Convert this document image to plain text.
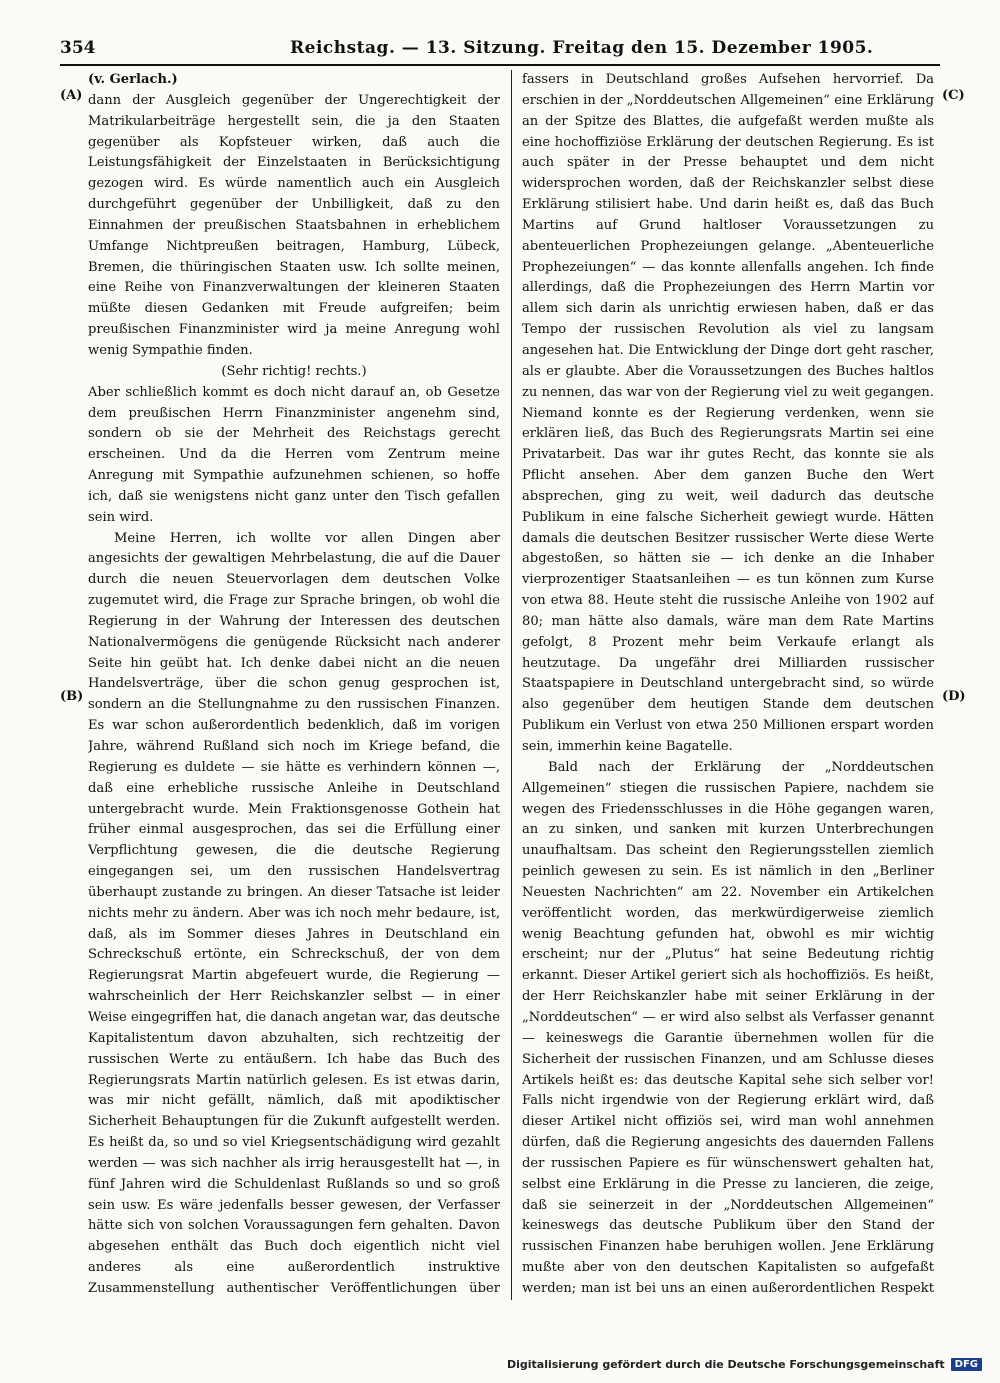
354	Reichstag. — 13. Sitzung. Freitag den 15. Dezember 1905.
(A)
(B)
(C)
(D)

(v. Gerlach.)

dann der Ausgleich gegenüber der Ungerechtigkeit der Matrikularbeiträge hergestellt sein, die ja den Staaten gegenüber als Kopfsteuer wirken, daß auch die Leistungsfähigkeit der Einzelstaaten in Berücksichtigung gezogen wird. Es würde namentlich auch ein Ausgleich durchgeführt gegenüber der Unbilligkeit, daß zu den Einnahmen der preußischen Staatsbahnen in erheblichem Umfange Nichtpreußen beitragen, Hamburg, Lübeck, Bremen, die thüringischen Staaten usw. Ich sollte meinen, eine Reihe von Finanzverwaltungen der kleineren Staaten müßte diesen Gedanken mit Freude aufgreifen; beim preußischen Finanzminister wird ja meine Anregung wohl wenig Sympathie finden.

(Sehr richtig! rechts.)

Aber schließlich kommt es doch nicht darauf an, ob Gesetze dem preußischen Herrn Finanzminister angenehm sind, sondern ob sie der Mehrheit des Reichstags gerecht erscheinen. Und da die Herren vom Zentrum meine Anregung mit Sympathie aufzunehmen schienen, so hoffe ich, daß sie wenigstens nicht ganz unter den Tisch gefallen sein wird.

Meine Herren, ich wollte vor allen Dingen aber angesichts der gewaltigen Mehrbelastung, die auf die Dauer durch die neuen Steuervorlagen dem deutschen Volke zugemutet wird, die Frage zur Sprache bringen, ob wohl die Regierung in der Wahrung der Interessen des deutschen Nationalvermögens die genügende Rücksicht nach anderer Seite hin geübt hat. Ich denke dabei nicht an die neuen Handelsverträge, über die schon genug gesprochen ist, sondern an die Stellungnahme zu den russischen Finanzen. Es war schon außerordentlich bedenklich, daß im vorigen Jahre, während Rußland sich noch im Kriege befand, die Regierung es duldete — sie hätte es verhindern können —, daß eine erhebliche russische Anleihe in Deutschland untergebracht wurde. Mein Fraktionsgenosse Gothein hat früher einmal ausgesprochen, das sei die Erfüllung einer Verpflichtung gewesen, die die deutsche Regierung eingegangen sei, um den russischen Handelsvertrag überhaupt zustande zu bringen. An dieser Tatsache ist leider nichts mehr zu ändern. Aber was ich noch mehr bedaure, ist, daß, als im Sommer dieses Jahres in Deutschland ein Schreckschuß ertönte, ein Schreckschuß, der von dem Regierungsrat Martin abgefeuert wurde, die Regierung — wahrscheinlich der Herr Reichskanzler selbst — in einer Weise eingegriffen hat, die danach angetan war, das deutsche Kapitalistentum davon abzuhalten, sich rechtzeitig der russischen Werte zu entäußern. Ich habe das Buch des Regierungsrats Martin natürlich gelesen. Es ist etwas darin, was mir nicht gefällt, nämlich, daß mit apodiktischer Sicherheit Behauptungen für die Zukunft aufgestellt werden. Es heißt da, so und so viel Kriegsentschädigung wird gezahlt werden — was sich nachher als irrig herausgestellt hat —, in fünf Jahren wird die Schuldenlast Rußlands so und so groß sein usw. Es wäre jedenfalls besser gewesen, der Verfasser hätte sich von solchen Voraussagungen fern gehalten. Davon abgesehen enthält das Buch doch eigentlich nicht viel anderes als eine außerordentlich instruktive Zusammenstellung authentischer Veröffentlichungen über

fassers in Deutschland großes Aufsehen hervorrief. Da erschien in der „Norddeutschen Allgemeinen“ eine Erklärung an der Spitze des Blattes, die aufgefaßt werden mußte als eine hochoffiziöse Erklärung der deutschen Regierung. Es ist auch später in der Presse behauptet und dem nicht widersprochen worden, daß der Reichskanzler selbst diese Erklärung stilisiert habe. Und darin heißt es, daß das Buch Martins auf Grund haltloser Voraussetzungen zu abenteuerlichen Prophezeiungen gelange. „Abenteuerliche Prophezeiungen“ — das konnte allenfalls angehen. Ich finde allerdings, daß die Prophezeiungen des Herrn Martin vor allem sich darin als unrichtig erwiesen haben, daß er das Tempo der russischen Revolution als viel zu langsam angesehen hat. Die Entwicklung der Dinge dort geht rascher, als er glaubte. Aber die Voraussetzungen des Buches haltlos zu nennen, das war von der Regierung viel zu weit gegangen. Niemand konnte es der Regierung verdenken, wenn sie erklären ließ, das Buch des Regierungsrats Martin sei eine Privatarbeit. Das war ihr gutes Recht, das konnte sie als Pflicht ansehen. Aber dem ganzen Buche den Wert absprechen, ging zu weit, weil dadurch das deutsche Publikum in eine falsche Sicherheit gewiegt wurde. Hätten damals die deutschen Besitzer russischer Werte diese Werte abgestoßen, so hätten sie — ich denke an die Inhaber vierprozentiger Staatsanleihen — es tun können zum Kurse von etwa 88. Heute steht die russische Anleihe von 1902 auf 80; man hätte also damals, wäre man dem Rate Martins gefolgt, 8 Prozent mehr beim Verkaufe erlangt als heutzutage. Da ungefähr drei Milliarden russischer Staatspapiere in Deutschland untergebracht sind, so würde also gegenüber dem heutigen Stande dem deutschen Publikum ein Verlust von etwa 250 Millionen erspart worden sein, immerhin keine Bagatelle.

Bald nach der Erklärung der „Norddeutschen Allgemeinen“ stiegen die russischen Papiere, nachdem sie wegen des Friedensschlusses in die Höhe gegangen waren, an zu sinken, und sanken mit kurzen Unterbrechungen unaufhaltsam. Das scheint den Regierungsstellen ziemlich peinlich gewesen zu sein. Es ist nämlich in den „Berliner Neuesten Nachrichten“ am 22. November ein Artikelchen veröffentlicht worden, das merkwürdigerweise ziemlich wenig Beachtung gefunden hat, obwohl es mir wichtig erscheint; nur der „Plutus“ hat seine Bedeutung richtig erkannt. Dieser Artikel geriert sich als hochoffiziös. Es heißt, der Herr Reichskanzler habe mit seiner Erklärung in der „Norddeutschen“ — er wird also selbst als Verfasser genannt — keineswegs die Garantie übernehmen wollen für die Sicherheit der russischen Finanzen, und am Schlusse dieses Artikels heißt es: das deutsche Kapital sehe sich selber vor! Falls nicht irgendwie von der Regierung erklärt wird, daß dieser Artikel nicht offiziös sei, wird man wohl annehmen dürfen, daß die Regierung angesichts des dauernden Fallens der russischen Papiere es für wünschenswert gehalten hat, selbst eine Erklärung in die Presse zu lancieren, die zeige, daß sie seinerzeit in der „Norddeutschen Allgemeinen“ keineswegs das deutsche Publikum über den Stand der russischen Finanzen habe beruhigen wollen. Jene Erklärung mußte aber von den deutschen Kapitalisten so aufgefaßt werden; man ist bei uns an einen außerordentlichen Respekt

Digitalisierung gefördert durch die Deutsche Forschungsgemeinschaft	DFG
